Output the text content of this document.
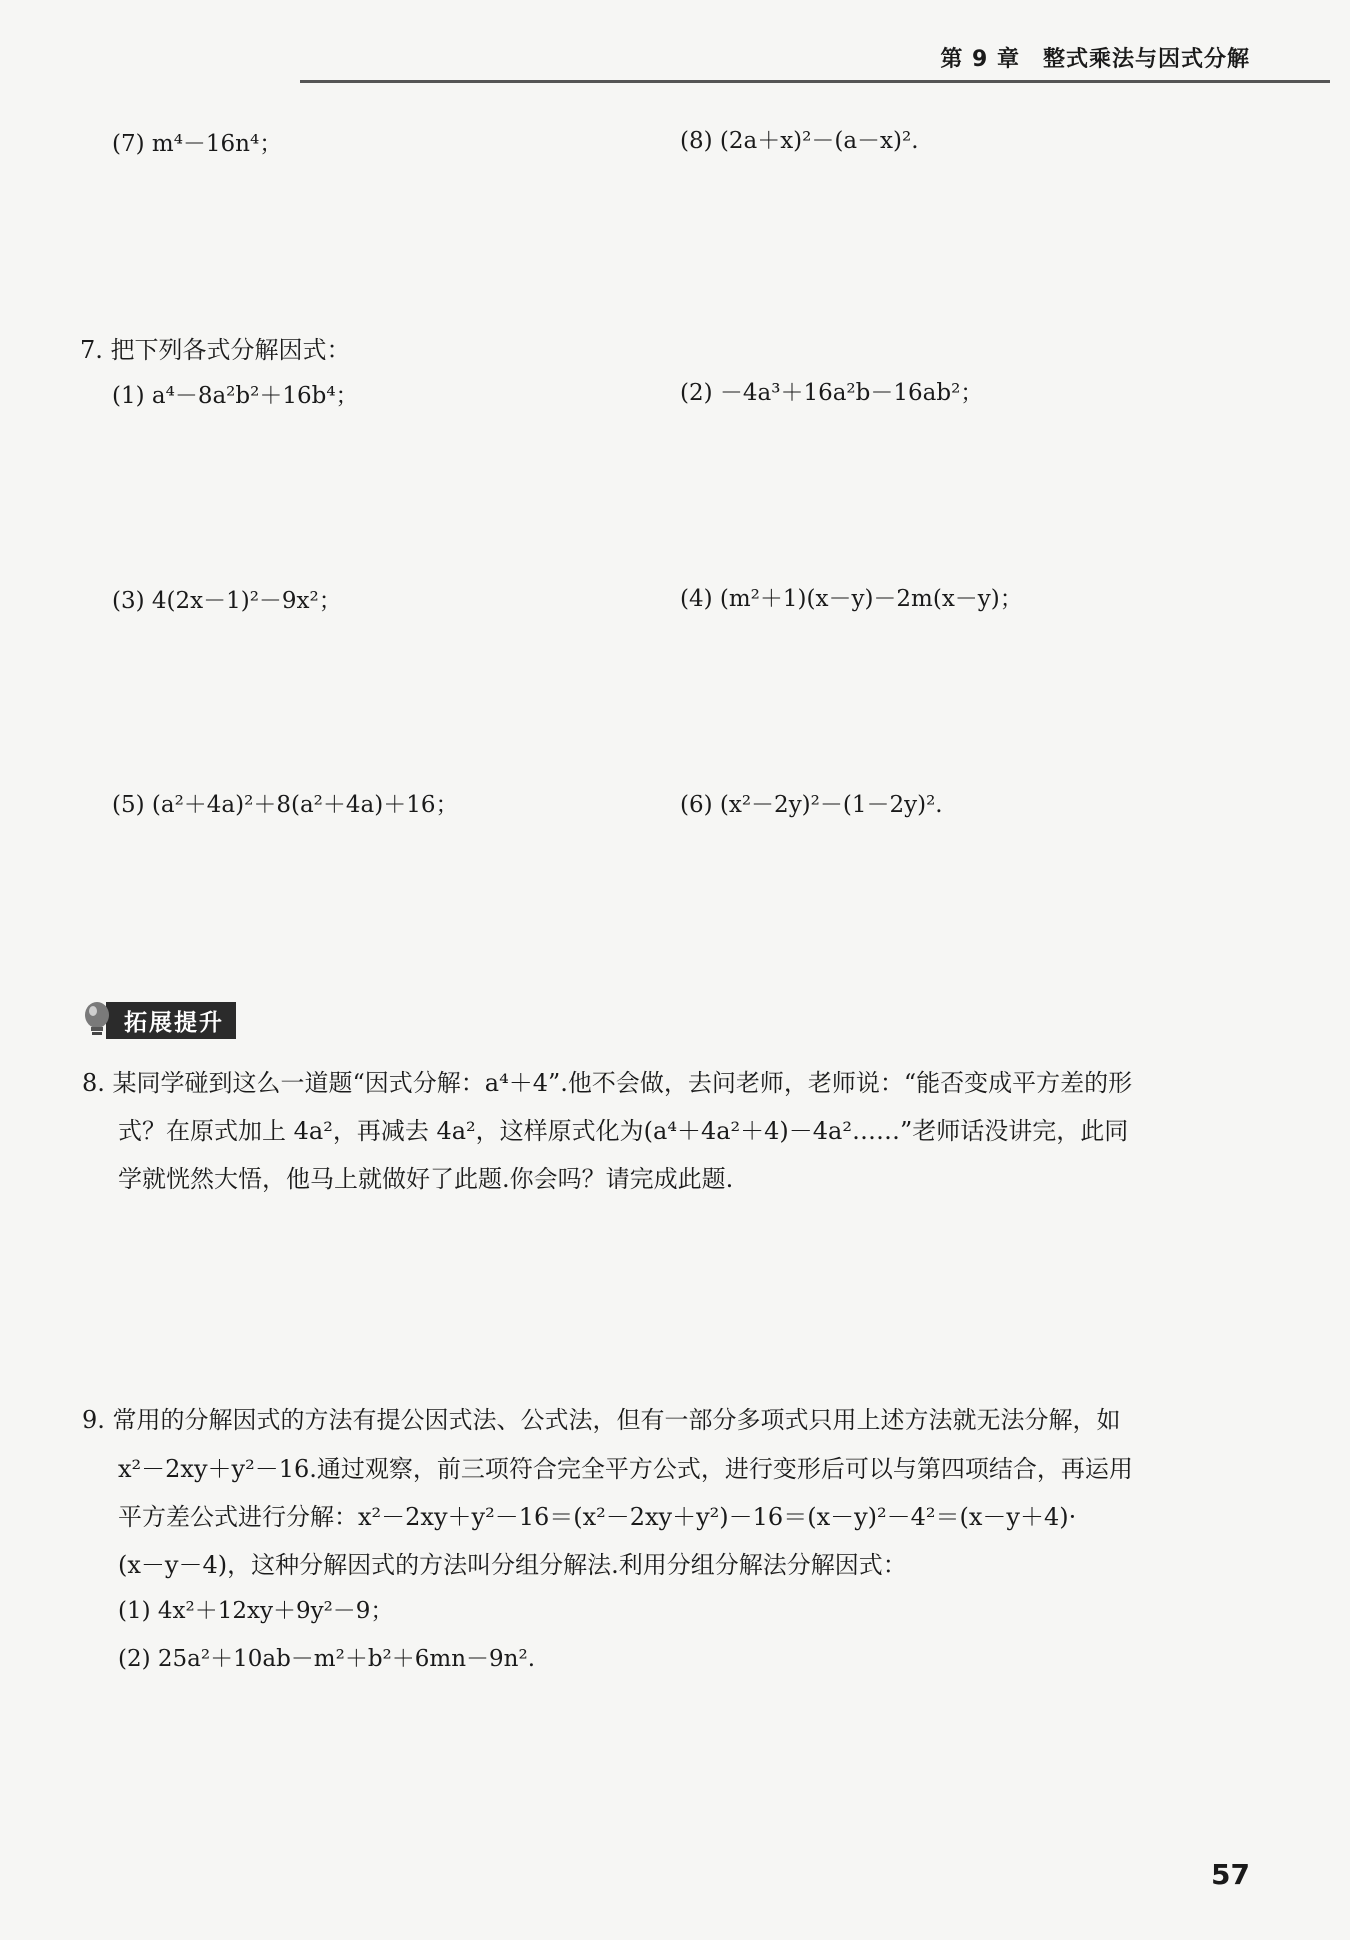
第 9 章　整式乘法与因式分解
(7) m⁴－16n⁴；	(8) (2a＋x)²－(a－x)².
7. 把下列各式分解因式：
(1) a⁴－8a²b²＋16b⁴；	(2) －4a³＋16a²b－16ab²；
(3) 4(2x－1)²－9x²；	(4) (m²＋1)(x－y)－2m(x－y)；
(5) (a²＋4a)²＋8(a²＋4a)＋16；	(6) (x²－2y)²－(1－2y)².
拓展提升
8. 某同学碰到这么一道题“因式分解：a⁴＋4”.他不会做，去问老师，老师说：“能否变成平方差的形
式？在原式加上 4a²，再减去 4a²，这样原式化为(a⁴＋4a²＋4)－4a²……”老师话没讲完，此同
学就恍然大悟，他马上就做好了此题.你会吗？请完成此题.
9. 常用的分解因式的方法有提公因式法、公式法，但有一部分多项式只用上述方法就无法分解，如
x²－2xy＋y²－16.通过观察，前三项符合完全平方公式，进行变形后可以与第四项结合，再运用
平方差公式进行分解：x²－2xy＋y²－16＝(x²－2xy＋y²)－16＝(x－y)²－4²＝(x－y＋4)·
(x－y－4)，这种分解因式的方法叫分组分解法.利用分组分解法分解因式：
(1) 4x²＋12xy＋9y²－9；
(2) 25a²＋10ab－m²＋b²＋6mn－9n².
57
